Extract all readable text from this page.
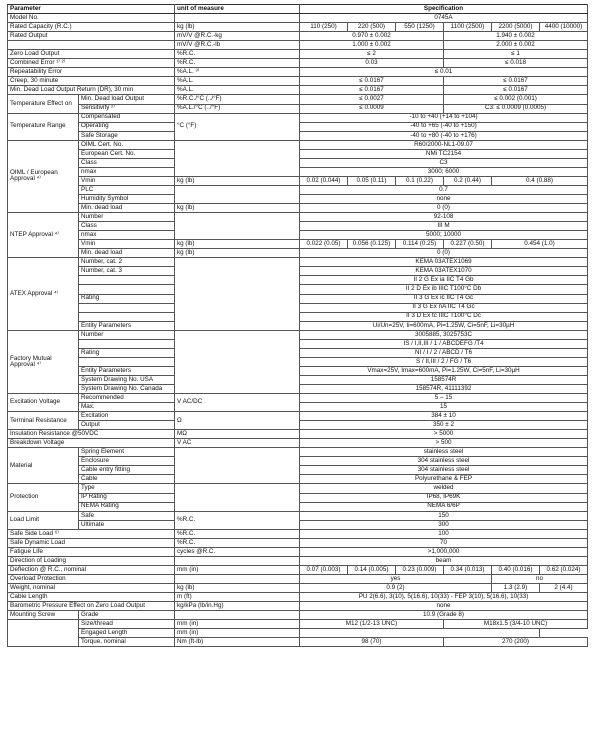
Parameter		unit of measure	Specification					
Model No.			0745A					
Rated Capacity (R.C.)		kg (lb)	110 (250)	220 (500)	550 (1250)	1100 (2500)	2200 (5000)	4400 (10000)
Rated Output		mV/V @R.C.-kg	0.970 ± 0.002			1.940 ± 0.002		
		mV/V @R.C.-lb	1.000 ± 0.002			2.000 ± 0.002		
Zero Load Output		%R.C.	≤ 2			≤ 1		
Combined Error ¹⁾ ²⁾		%R.C.	0.03			≤ 0.018		
Repeatability Error		%A.L. ³⁾	≤ 0.01					
Creep, 30 minute		%A.L.	≤ 0.0167			≤ 0.0167		
Min. Dead Load Output Return (DR), 30 min		%A.L.	≤ 0.0167			≤ 0.0167		
Temperature Effect on	Min. Dead load Output	%R.C./°C (../°F)	≤ 0.0027			≤ 0.002 (0.001)		
	Sensitivity ²⁾	%A.L./°C (../°F)	≤ 0.0009			C3: ≤ 0.0009 (0.0005)		
Temperature Range	Compensated	°C (°F)	-10 to +40 (+14 to +104)					
	Operating		-40 to +65 (-40 to +150)					
	Safe Storage		-40 to +80 (-40 to +176)					
OIML / European Approval ⁴⁾	OIML Cert. No.		R60/2000-NL1-09.07					
	European Cert. No.		NMi TC2154					
	Class		C3					
	nmax		3000; 6000					
	Vmin	kg (lb)	0.02 (0.044)	0.05 (0.11)	0.1 (0.22)	0.2 (0.44)	0.4 (0.88)	
	PLC		0.7					
	Humidity Symbol		none					
	Min. dead load	kg (lb)	0 (0)					
NTEP Approval ⁴⁾	Number		92-108					
	Class		III M					
	nmax		5000; 10000					
	Vmin	kg (lb)	0.022 (0.05)	0.056 (0.125)	0.114 (0.25)	0.227 (0.50)	0.454 (1.0)	
	Min. dead load	kg (lb)	0 (0)					
ATEX Approval ⁴⁾	Number, cat. 2		KEMA 03ATEX1069					
	Number, cat. 3		KEMA 03ATEX1070					
			II 2 G Ex ia IIC T4 Gb					
			II 2 D Ex ib IIIC T100°C Db					
	Rating		II 3 G Ex ic IIC T4 Gc					
			II 3 G Ex nA IIC T4 Gc					
			II 3 D Ex tc IIIC T100°C Dc					
	Entity Parameters		Ui/Un=25V, Ii=600mA, Pi=1.25W, Ci=5nF, Li=30µH					
Factory Mutual Approval ⁴⁾	Number		3005885, 3025753C					
			IS / I,II,III / 1 / ABCDEFG /T4					
	Rating		NI / I / 2 / ABCD / T6					
			S / II,III / 2 / FG / T6					
	Entity Parameters		Vmax=25V, Imax=600mA, Pi=1.25W, Ci=5nF, Li=30µH					
	System Drawing No. USA		158574R					
	System Drawing No. Canada		158574R, 41111392					
Excitation Voltage	Recommended	V AC/DC	5 – 15					
	Max.		15					
Terminal Resistance	Excitation	Ω	384 ± 10					
	Output		350 ± 2					
Insulation Resistance @50VDC		MΩ	> 5000					
Breakdown Voltage		V AC	> 500					
Material	Spring Element		stainless steel					
	Enclosure		304 stainless steel					
	Cable entry fitting		304 stainless steel					
	Cable		Polyurethane & FEP					
Protection	Type		welded					
	IP Rating		IP68, IP69K					
	NEMA Rating		NEMA 6/6P					
Load Limit	Safe	%R.C.	150					
	Ultimate		300					
Safe Side Load ⁶⁾		%R.C.	100					
Safe Dynamic Load		%R.C.	70					
Fatigue Life		cycles @R.C.	>1,000,000					
Direction of Loading			beam					
Deflection @ R.C., nominal		mm (in)	0.07 (0.003)	0.14 (0.005)	0.23 (0.009)	0.34 (0.013)	0.40 (0.016)	0.62 (0.024)
Overload Protection			yes				no	
Weight, nominal		kg (lb)	0.9 (2)				1.3 (2.9)	2 (4.4)
Cable Length		m (ft)	PU 2(6.6), 3(10), 5(16.6), 10(33) - FEP 3(10), 5(16.6), 10(33)					
Barometric Pressure Effect on Zero Load Output		kg/kPa (lb/in.Hg)	none					
Mounting Screw	Grade		10.9 (Grade 8)					
	Size/thread	mm (in)	M12 (1/2-13 UNC)			M18x1.5 (3/4-10 UNC)		
	Engaged Length	mm (in)						
	Torque, nominal	Nm (ft-lb)	98 (70)			270 (200)		
